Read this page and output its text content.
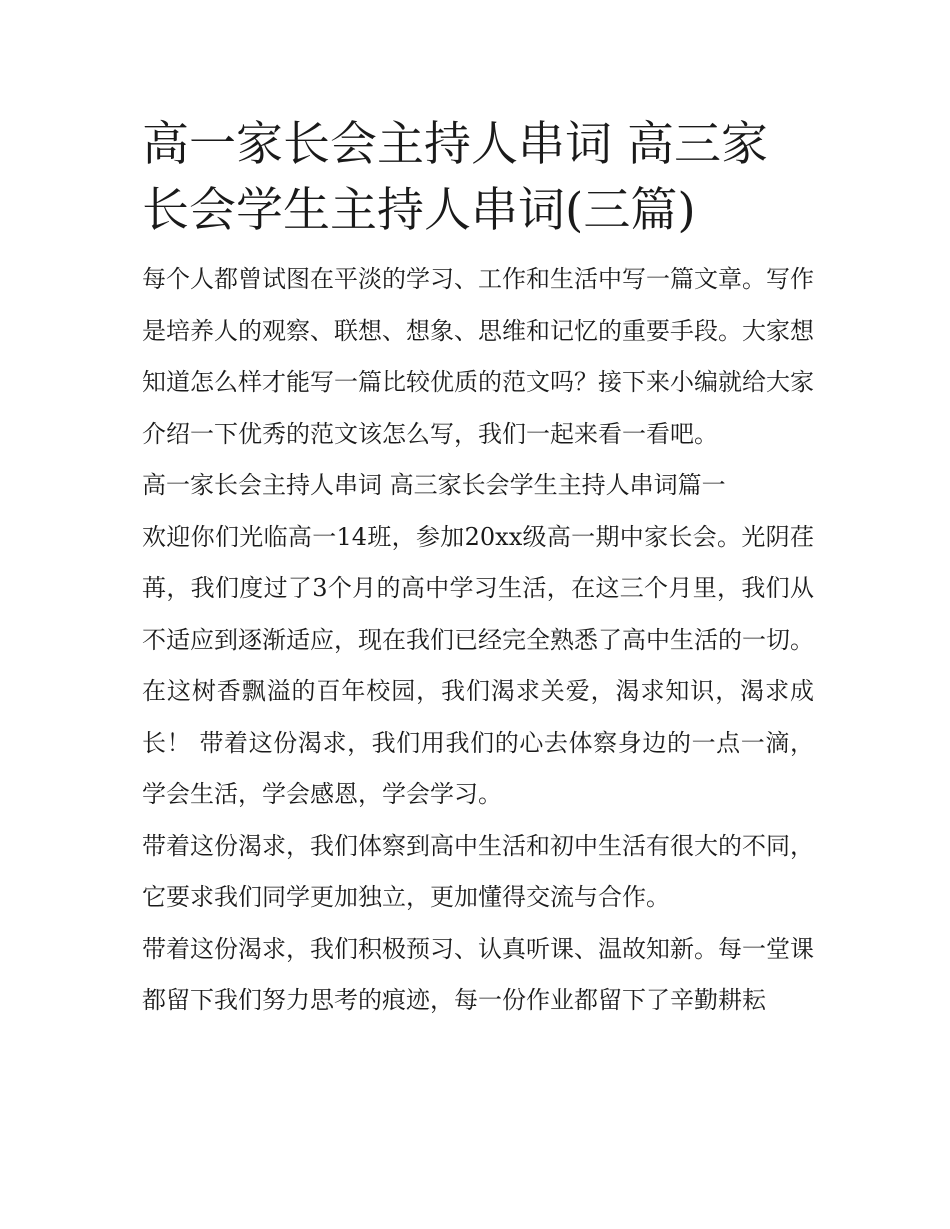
高一家长会主持人串词 高三家长会学生主持人串词(三篇)

每个人都曾试图在平淡的学习、工作和生活中写一篇文章。写作是培养人的观察、联想、想象、思维和记忆的重要手段。大家想知道怎么样才能写一篇比较优质的范文吗？接下来小编就给大家介绍一下优秀的范文该怎么写，我们一起来看一看吧。

高一家长会主持人串词 高三家长会学生主持人串词篇一

欢迎你们光临高一14班，参加20xx级高一期中家长会。光阴荏苒，我们度过了3个月的高中学习生活，在这三个月里，我们从不适应到逐渐适应，现在我们已经完全熟悉了高中生活的一切。

在这树香飘溢的百年校园，我们渴求关爱，渴求知识，渴求成长！ 带着这份渴求，我们用我们的心去体察身边的一点一滴，学会生活，学会感恩，学会学习。

带着这份渴求，我们体察到高中生活和初中生活有很大的不同，它要求我们同学更加独立，更加懂得交流与合作。

带着这份渴求，我们积极预习、认真听课、温故知新。每一堂课都留下我们努力思考的痕迹，每一份作业都留下了辛勤耕耘
